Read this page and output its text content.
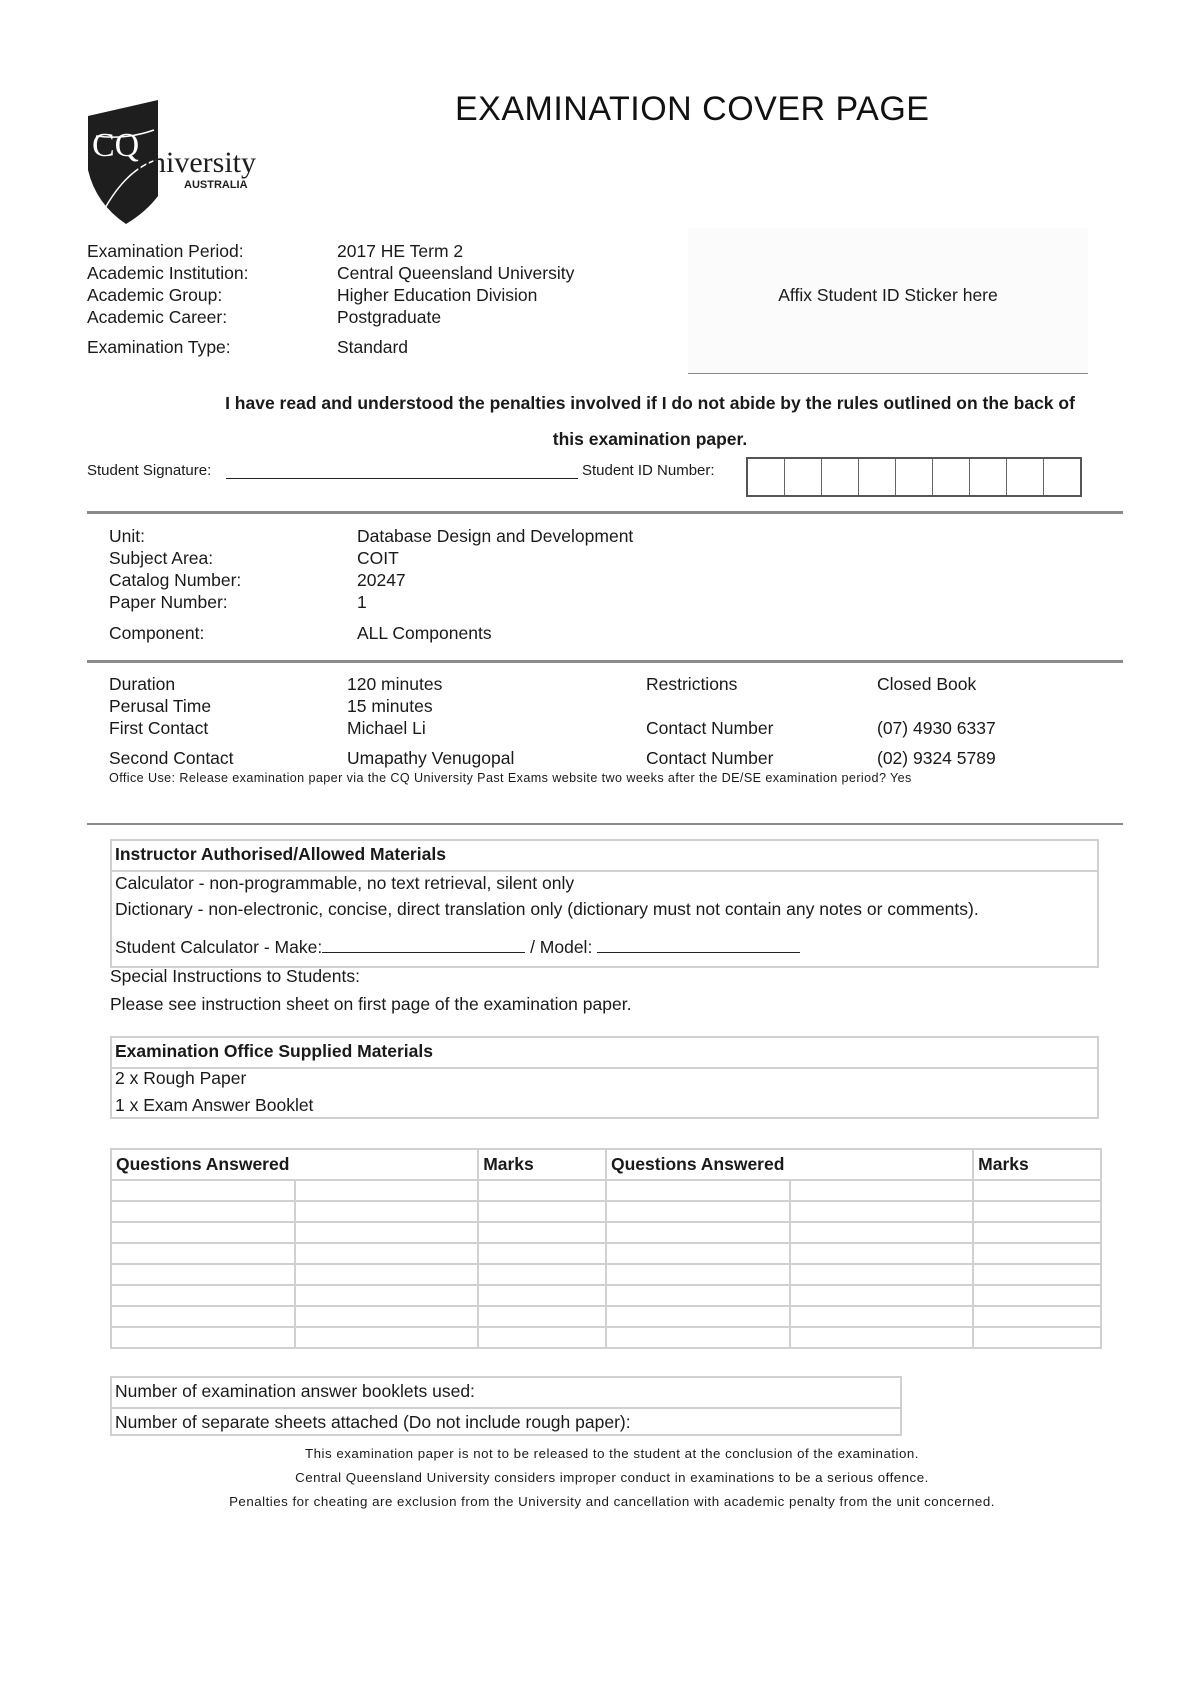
EXAMINATION COVER PAGE
CQ
university
AUSTRALIA
Examination Period:	2017 HE Term 2
Academic Institution:	Central Queensland University
Academic Group:	Higher Education Division
Academic Career:	Postgraduate
Examination Type:	Standard
Affix Student ID Sticker here
I have read and understood the penalties involved if I do not abide by the rules outlined on the back of
this examination paper.
Student Signature:	Student ID Number:
Unit:	Database Design and Development
Subject Area:	COIT
Catalog Number:	20247
Paper Number:	1
Component:	ALL Components
Duration	120 minutes	Restrictions	Closed Book
Perusal Time	15 minutes
First Contact	Michael Li	Contact Number	(07) 4930 6337
Second Contact	Umapathy Venugopal	Contact Number	(02) 9324 5789
Office Use: Release examination paper via the CQ University Past Exams website two weeks after the DE/SE examination period? Yes
Instructor Authorised/Allowed Materials
Calculator - non-programmable, no text retrieval, silent only
Dictionary - non-electronic, concise, direct translation only (dictionary must not contain any notes or comments).
Student Calculator - Make:	/ Model:
Special Instructions to Students:
Please see instruction sheet on first page of the examination paper.
Examination Office Supplied Materials
2 x Rough Paper
1 x Exam Answer Booklet
Questions Answered		Marks	Questions Answered		Marks

Number of examination answer booklets used:
Number of separate sheets attached (Do not include rough paper):
This examination paper is not to be released to the student at the conclusion of the examination.
Central Queensland University considers improper conduct in examinations to be a serious offence.
Penalties for cheating are exclusion from the University and cancellation with academic penalty from the unit concerned.
